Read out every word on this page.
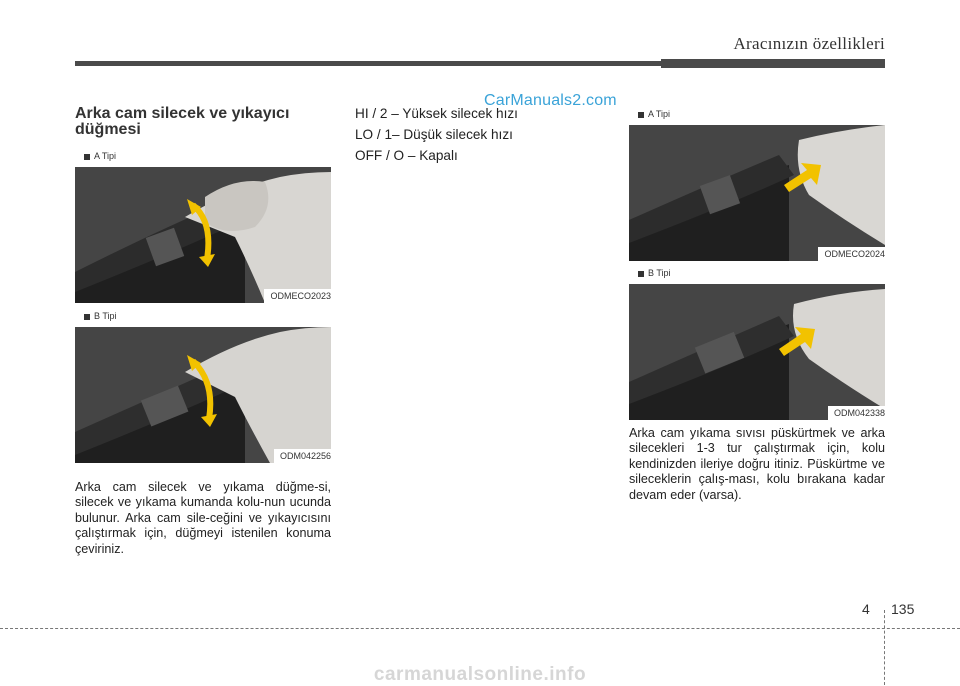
Aracınızın özellikleri
Arka cam silecek ve yıkayıcı düğmesi
A Tipi
ODMECO2023
B Tipi
ODM042256
A Tipi
ODMECO2024
B Tipi
ODM042338
Arka cam silecek ve yıkama düğme-si, silecek ve yıkama kumanda kolu-nun ucunda bulunur. Arka cam sile-ceğini ve yıkayıcısını çalıştırmak için, düğmeyi istenilen konuma çeviriniz.
HI / 2 – Yüksek silecek hızı
LO / 1– Düşük silecek hızı
OFF / O – Kapalı
CarManuals2.com
Arka cam yıkama sıvısı püskürtmek ve arka silecekleri 1-3 tur çalıştırmak için, kolu kendinizden ileriye doğru itiniz. Püskürtme ve sileceklerin çalış-ması, kolu bırakana kadar devam eder (varsa).
4 135
carmanualsonline.info
